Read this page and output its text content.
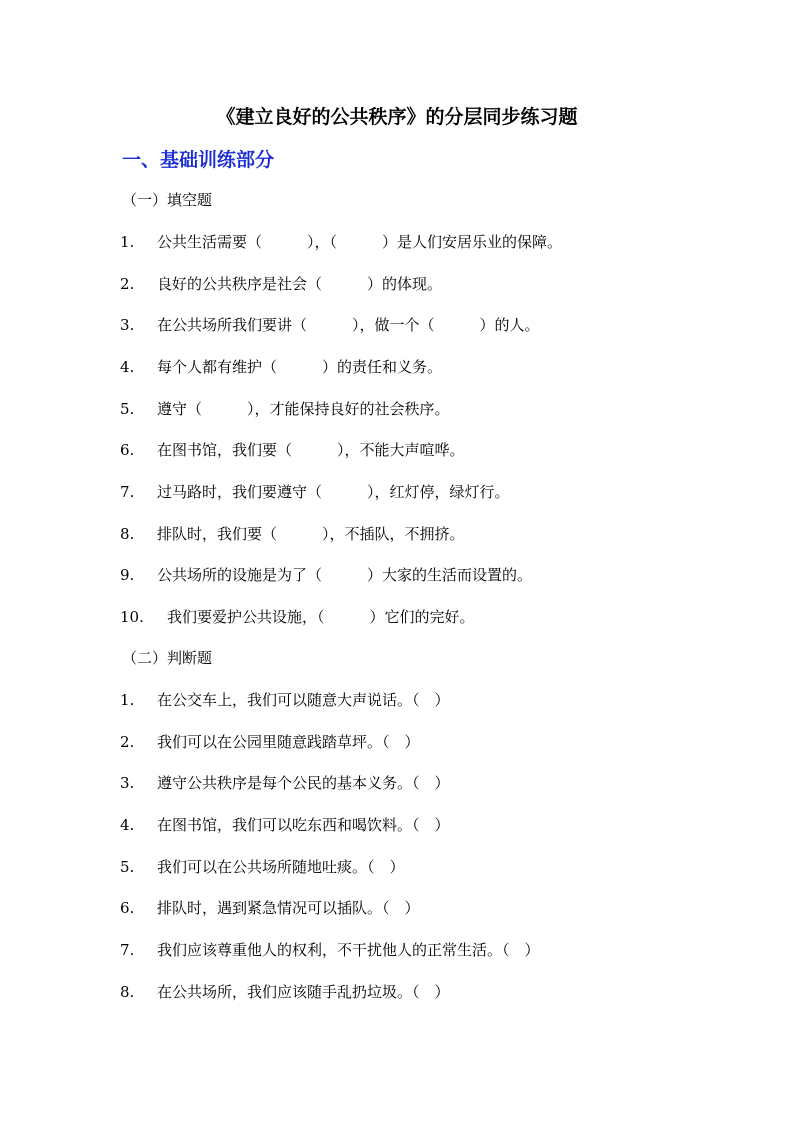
《建立良好的公共秩序》的分层同步练习题
一、基础训练部分
（一）填空题
1. 公共生活需要（　　　），（　　　）是人们安居乐业的保障。
2. 良好的公共秩序是社会（　　　）的体现。
3. 在公共场所我们要讲（　　　），做一个（　　　）的人。
4. 每个人都有维护（　　　）的责任和义务。
5. 遵守（　　　），才能保持良好的社会秩序。
6. 在图书馆，我们要（　　　），不能大声喧哗。
7. 过马路时，我们要遵守（　　　），红灯停，绿灯行。
8. 排队时，我们要（　　　），不插队，不拥挤。
9. 公共场所的设施是为了（　　　）大家的生活而设置的。
10. 我们要爱护公共设施，（　　　）它们的完好。
（二）判断题
1. 在公交车上，我们可以随意大声说话。（　）
2. 我们可以在公园里随意践踏草坪。（　）
3. 遵守公共秩序是每个公民的基本义务。（　）
4. 在图书馆，我们可以吃东西和喝饮料。（　）
5. 我们可以在公共场所随地吐痰。（　）
6. 排队时，遇到紧急情况可以插队。（　）
7. 我们应该尊重他人的权利，不干扰他人的正常生活。（　）
8. 在公共场所，我们应该随手乱扔垃圾。（　）
